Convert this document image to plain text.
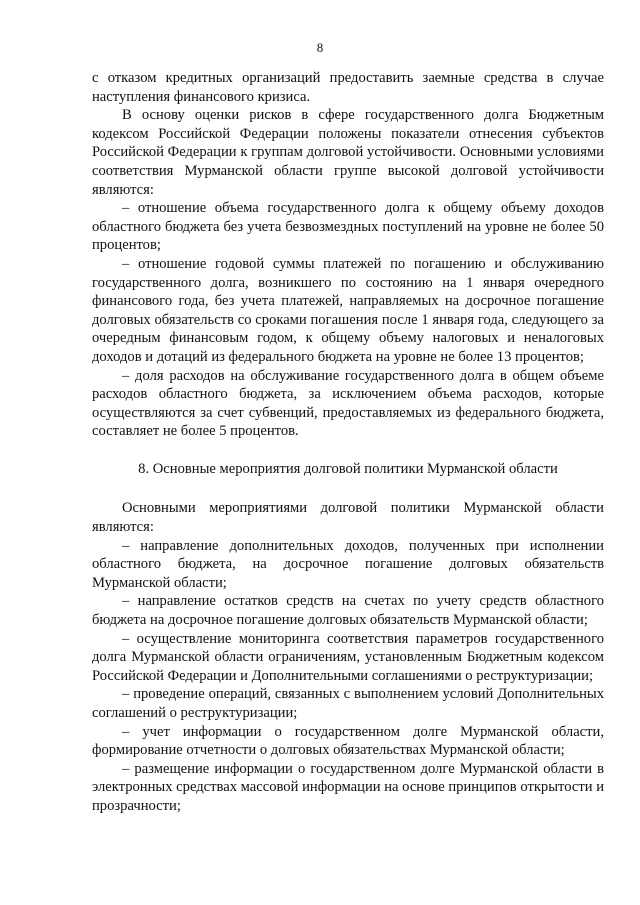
8

с отказом кредитных организаций предоставить заемные средства в случае наступления финансового кризиса.

В основу оценки рисков в сфере государственного долга Бюджетным кодексом Российской Федерации положены показатели отнесения субъектов Российской Федерации к группам долговой устойчивости. Основными условиями соответствия Мурманской области группе высокой долговой устойчивости являются:

– отношение объема государственного долга к общему объему доходов областного бюджета без учета безвозмездных поступлений на уровне не более 50 процентов;

– отношение годовой суммы платежей по погашению и обслуживанию государственного долга, возникшего по состоянию на 1 января очередного финансового года, без учета платежей, направляемых на досрочное погашение долговых обязательств со сроками погашения после 1 января года, следующего за очередным финансовым годом, к общему объему налоговых и неналоговых доходов и дотаций из федерального бюджета на уровне не более 13 процентов;

– доля расходов на обслуживание государственного долга в общем объеме расходов областного бюджета, за исключением объема расходов, которые осуществляются за счет субвенций, предоставляемых из федерального бюджета, составляет не более 5 процентов.

8. Основные мероприятия долговой политики Мурманской области

Основными мероприятиями долговой политики Мурманской области являются:

– направление дополнительных доходов, полученных при исполнении областного бюджета, на досрочное погашение долговых обязательств Мурманской области;

– направление остатков средств на счетах по учету средств областного бюджета на досрочное погашение долговых обязательств Мурманской области;

– осуществление мониторинга соответствия параметров государственного долга Мурманской области ограничениям, установленным Бюджетным кодексом Российской Федерации и Дополнительными соглашениями о реструктуризации;

– проведение операций, связанных с выполнением условий Дополнительных соглашений о реструктуризации;

– учет информации о государственном долге Мурманской области, формирование отчетности о долговых обязательствах Мурманской области;

– размещение информации о государственном долге Мурманской области в электронных средствах массовой информации на основе принципов открытости и прозрачности;
